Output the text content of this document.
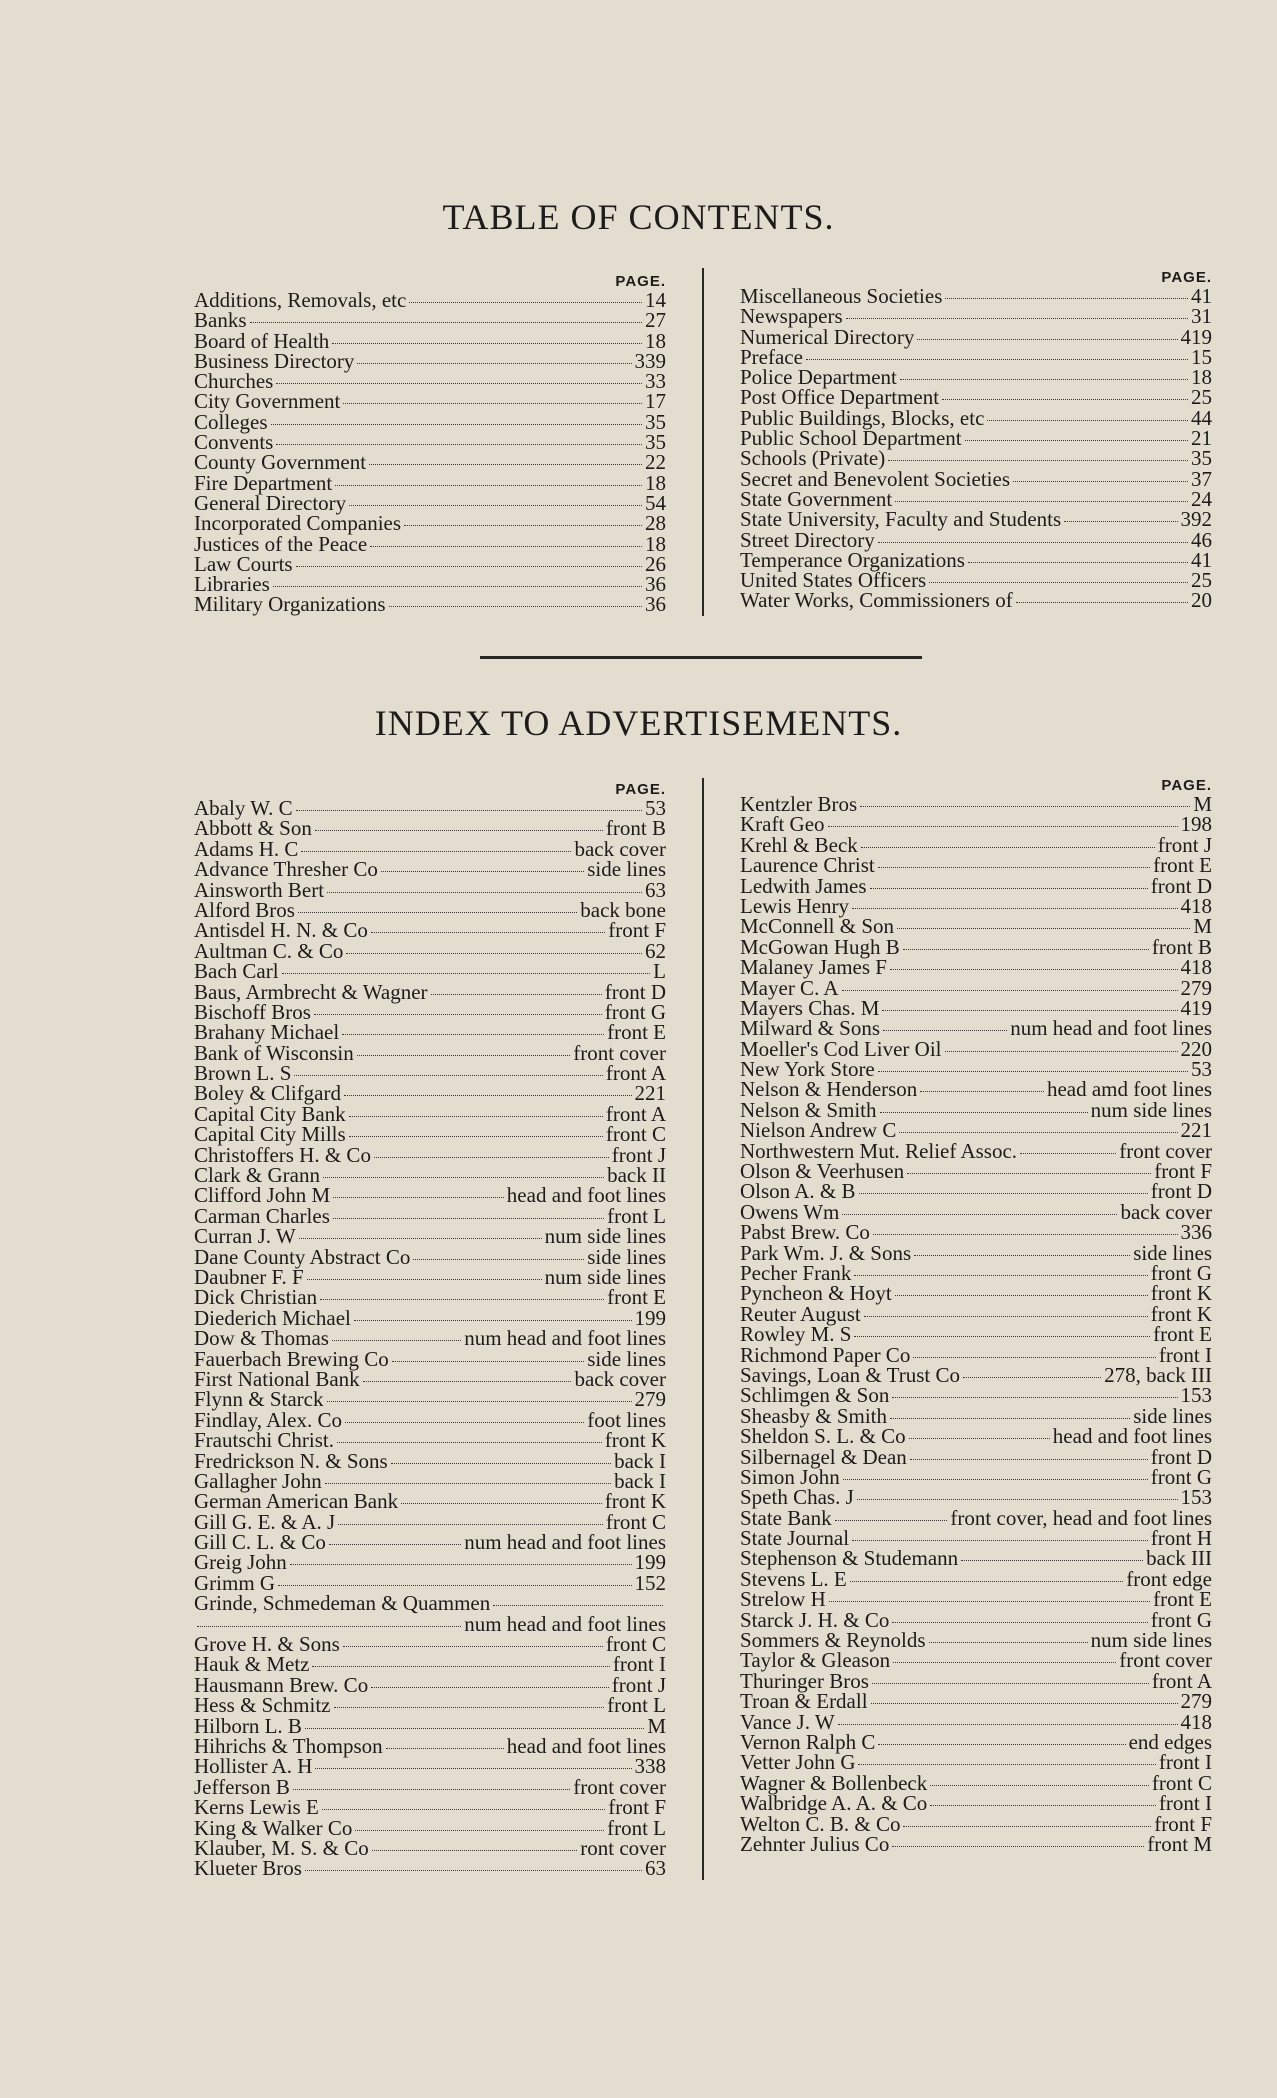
TABLE OF CONTENTS.
PAGE.
Additions, Removals, etc	14
Banks	27
Board of Health	18
Business Directory	339
Churches	33
City Government	17
Colleges	35
Convents	35
County Government	22
Fire Department	18
General Directory	54
Incorporated Companies	28
Justices of the Peace	18
Law Courts	26
Libraries	36
Military Organizations	36
PAGE.
Miscellaneous Societies	41
Newspapers	31
Numerical Directory	419
Preface	15
Police Department	18
Post Office Department	25
Public Buildings, Blocks, etc	44
Public School Department	21
Schools (Private)	35
Secret and Benevolent Societies	37
State Government	24
State University, Faculty and Students	392
Street Directory	46
Temperance Organizations	41
United States Officers	25
Water Works, Commissioners of	20
INDEX TO ADVERTISEMENTS.
PAGE.
Abaly W. C	53
Abbott & Son	front B
Adams H. C	back cover
Advance Thresher Co	side lines
Ainsworth Bert	63
Alford Bros	back bone
Antisdel H. N. & Co	front F
Aultman C. & Co	62
Bach Carl	L
Baus, Armbrecht & Wagner	front D
Bischoff Bros	front G
Brahany Michael	front E
Bank of Wisconsin	front cover
Brown L. S	front A
Boley & Clifgard	221
Capital City Bank	front A
Capital City Mills	front C
Christoffers H. & Co	front J
Clark & Grann	back II
Clifford John M	head and foot lines
Carman Charles	front L
Curran J. W	num side lines
Dane County Abstract Co	side lines
Daubner F. F	num side lines
Dick Christian	front E
Diederich Michael	199
Dow & Thomas	num head and foot lines
Fauerbach Brewing Co	side lines
First National Bank	back cover
Flynn & Starck	279
Findlay, Alex. Co	foot lines
Frautschi Christ.	front K
Fredrickson N. & Sons	back I
Gallagher John	back I
German American Bank	front K
Gill G. E. & A. J	front C
Gill C. L. & Co	num head and foot lines
Greig John	199
Grimm G	152
Grinde, Schmedeman & Quammen
num head and foot lines
Grove H. & Sons	front C
Hauk & Metz	front I
Hausmann Brew. Co	front J
Hess & Schmitz	front L
Hilborn L. B	M
Hihrichs & Thompson	head and foot lines
Hollister A. H	338
Jefferson B	front cover
Kerns Lewis E	front F
King & Walker Co	front L
Klauber, M. S. & Co	ront cover
Klueter Bros	63
PAGE.
Kentzler Bros	M
Kraft Geo	198
Krehl & Beck	front J
Laurence Christ	front E
Ledwith James	front D
Lewis Henry	418
McConnell & Son	M
McGowan Hugh B	front B
Malaney James F	418
Mayer C. A	279
Mayers Chas. M	419
Milward & Sons	num head and foot lines
Moeller's Cod Liver Oil	220
New York Store	53
Nelson & Henderson	head amd foot lines
Nelson & Smith	num side lines
Nielson Andrew C	221
Northwestern Mut. Relief Assoc.	front cover
Olson & Veerhusen	front F
Olson A. & B	front D
Owens Wm	back cover
Pabst Brew. Co	336
Park Wm. J. & Sons	side lines
Pecher Frank	front G
Pyncheon & Hoyt	front K
Reuter August	front K
Rowley M. S	front E
Richmond Paper Co	front I
Savings, Loan & Trust Co	278, back III
Schlimgen & Son	153
Sheasby & Smith	side lines
Sheldon S. L. & Co	head and foot lines
Silbernagel & Dean	front D
Simon John	front G
Speth Chas. J	153
State Bank	front cover, head and foot lines
State Journal	front H
Stephenson & Studemann	back III
Stevens L. E	front edge
Strelow H	front E
Starck J. H. & Co	front G
Sommers & Reynolds	num side lines
Taylor & Gleason	front cover
Thuringer Bros	front A
Troan & Erdall	279
Vance J. W	418
Vernon Ralph C	end edges
Vetter John G	front I
Wagner & Bollenbeck	front C
Walbridge A. A. & Co	front I
Welton C. B. & Co	front F
Zehnter Julius Co	front M
